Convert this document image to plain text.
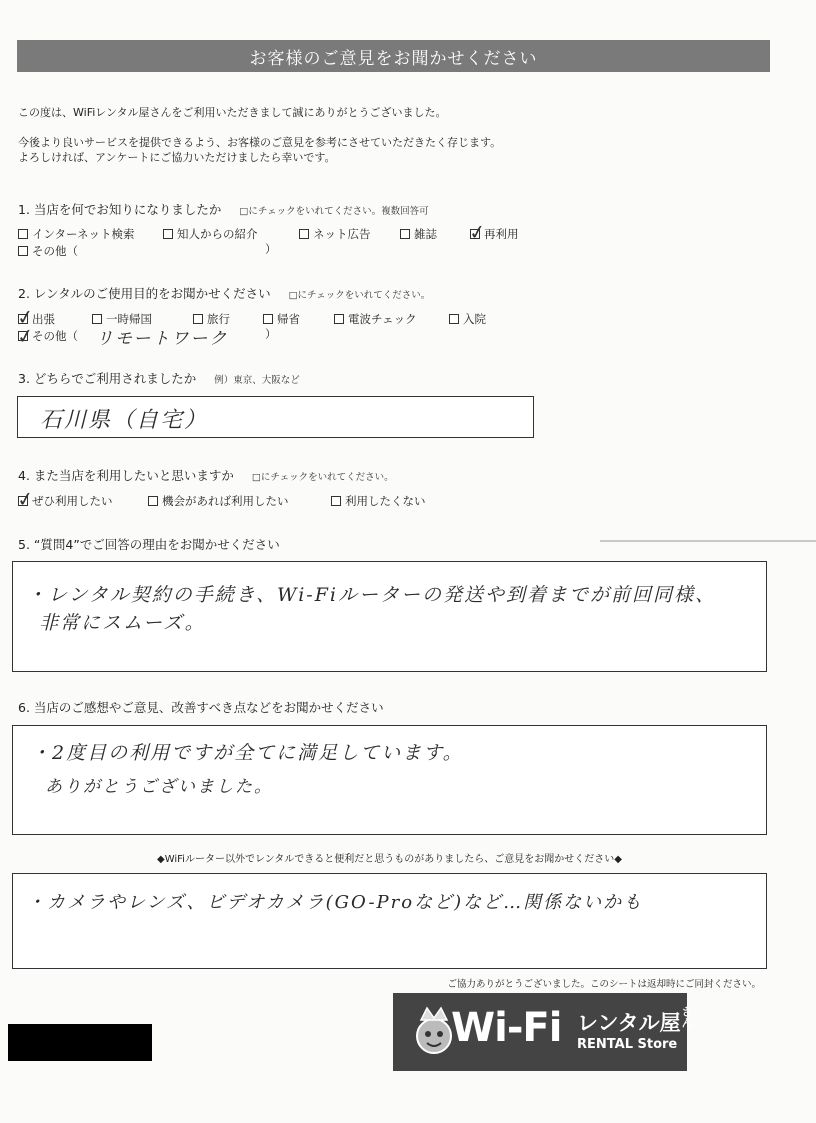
お客様のご意見をお聞かせください
この度は、WiFiレンタル屋さんをご利用いただきまして誠にありがとうございました。
今後より良いサービスを提供できるよう、お客様のご意見を参考にさせていただきたく存じます。
よろしければ、アンケートにご協力いただけましたら幸いです。
1. 当店を何でお知りになりましたか □にチェックをいれてください。複数回答可
インターネット検索	知人からの紹介	ネット広告	雑誌 ✓
再利用
その他（	）
2. レンタルのご使用目的をお聞かせください □にチェックをいれてください。
✓
出張	一時帰国	旅行	帰省	電波チェック	入院
✓
その他（ リモートワーク	）
3. どちらでご利用されましたか 例）東京、大阪など
石川県（自宅）
4. また当店を利用したいと思いますか □にチェックをいれてください。
✓
ぜひ利用したい	機会があれば利用したい	利用したくない
5. “質問4”でご回答の理由をお聞かせください
・レンタル契約の手続き、Wi-Fiルーターの発送や到着までが前回同様、
非常にスムーズ。
6. 当店のご感想やご意見、改善すべき点などをお聞かせください
・2度目の利用ですが全てに満足しています。
ありがとうございました。
◆WiFiルーター以外でレンタルできると便利だと思うものがありましたら、ご意見をお聞かせください◆
・カメラやレンズ、ビデオカメラ(GO-Proなど)など…関係ないかも
ご協力ありがとうございました。このシートは返却時にご同封ください。
Wi-Fi レンタル屋 さん
RENTAL Store
